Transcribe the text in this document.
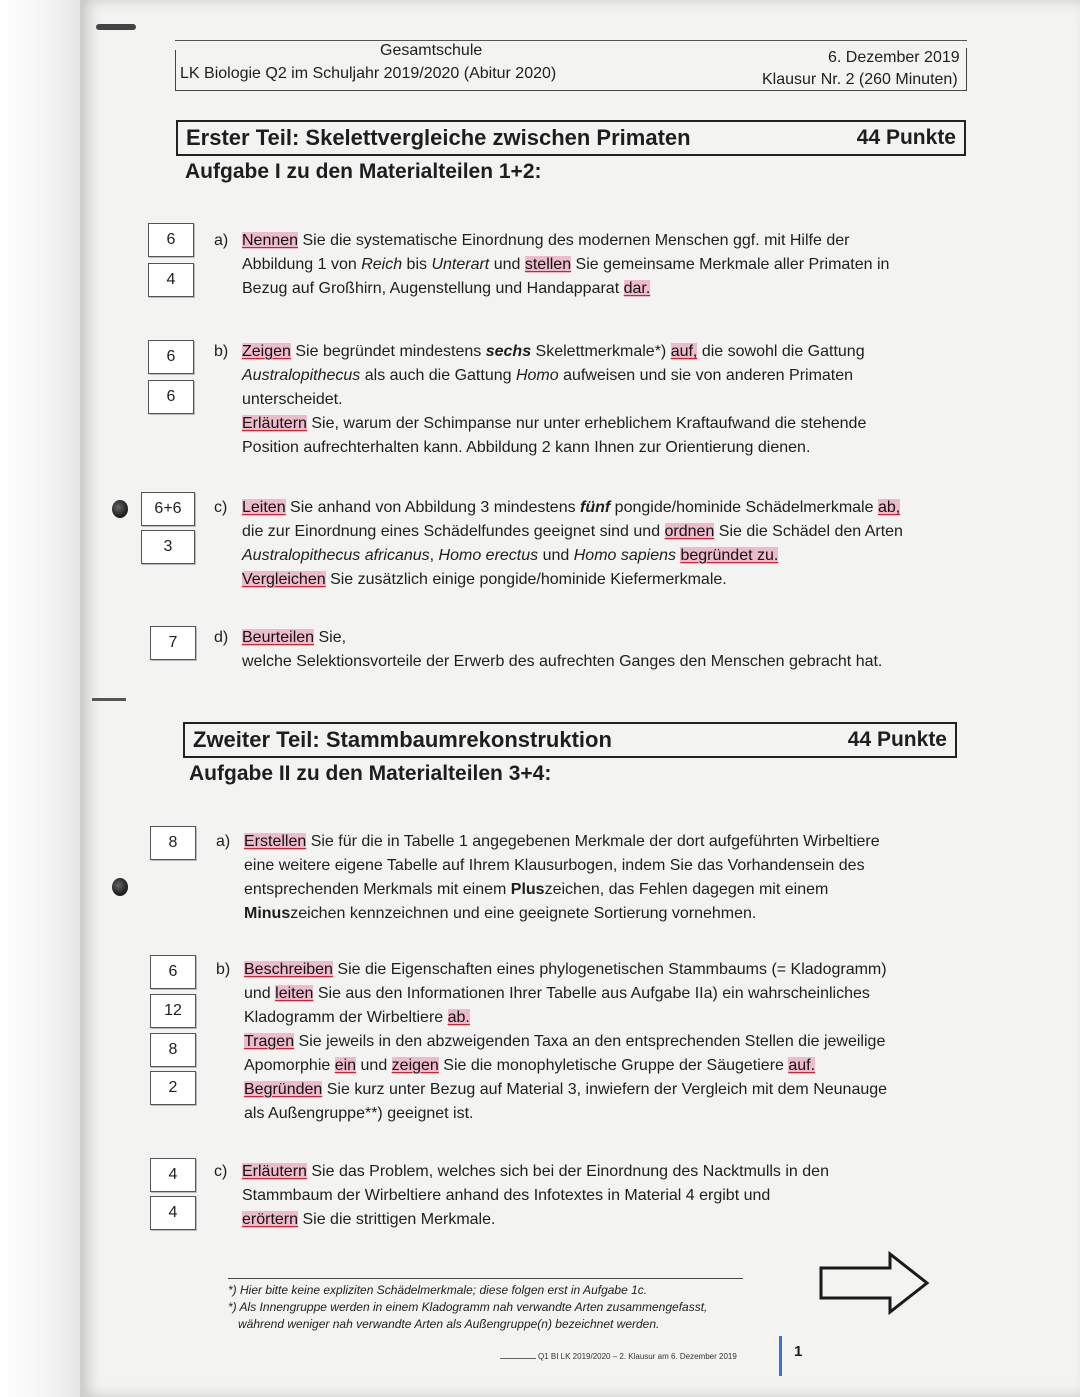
Gesamtschule
LK Biologie Q2 im Schuljahr 2019/2020 (Abitur 2020)
6. Dezember 2019
Klausur Nr. 2 (260 Minuten)
Erster Teil: Skelettvergleiche zwischen Primaten	44 Punkte
Aufgabe I zu den Materialteilen 1+2:
6
4
a) Nennen Sie die systematische Einordnung des modernen Menschen ggf. mit Hilfe der
Abbildung 1 von Reich bis Unterart und stellen Sie gemeinsame Merkmale aller Primaten in
Bezug auf Großhirn, Augenstellung und Handapparat dar.
6
6
b) Zeigen Sie begründet mindestens sechs Skelettmerkmale*) auf, die sowohl die Gattung
Australopithecus als auch die Gattung Homo aufweisen und sie von anderen Primaten
unterscheidet.
Erläutern Sie, warum der Schimpanse nur unter erheblichem Kraftaufwand die stehende
Position aufrechterhalten kann. Abbildung 2 kann Ihnen zur Orientierung dienen.
6+6
3
c) Leiten Sie anhand von Abbildung 3 mindestens fünf pongide/hominide Schädelmerkmale ab,
die zur Einordnung eines Schädelfundes geeignet sind und ordnen Sie die Schädel den Arten
Australopithecus africanus, Homo erectus und Homo sapiens begründet zu.
Vergleichen Sie zusätzlich einige pongide/hominide Kiefermerkmale.
7	d) Beurteilen Sie,
welche Selektionsvorteile der Erwerb des aufrechten Ganges den Menschen gebracht hat.
Zweiter Teil: Stammbaumrekonstruktion	44 Punkte
Aufgabe II zu den Materialteilen 3+4:
8	a) Erstellen Sie für die in Tabelle 1 angegebenen Merkmale der dort aufgeführten Wirbeltiere
eine weitere eigene Tabelle auf Ihrem Klausurbogen, indem Sie das Vorhandensein des
entsprechenden Merkmals mit einem Pluszeichen, das Fehlen dagegen mit einem
Minuszeichen kennzeichnen und eine geeignete Sortierung vornehmen.
6
12
8
2
b) Beschreiben Sie die Eigenschaften eines phylogenetischen Stammbaums (= Kladogramm)
und leiten Sie aus den Informationen Ihrer Tabelle aus Aufgabe IIa) ein wahrscheinliches
Kladogramm der Wirbeltiere ab.
Tragen Sie jeweils in den abzweigenden Taxa an den entsprechenden Stellen die jeweilige
Apomorphie ein und zeigen Sie die monophyletische Gruppe der Säugetiere auf.
Begründen Sie kurz unter Bezug auf Material 3, inwiefern der Vergleich mit dem Neunauge
als Außengruppe**) geeignet ist.
4
4
c) Erläutern Sie das Problem, welches sich bei der Einordnung des Nacktmulls in den
Stammbaum der Wirbeltiere anhand des Infotextes in Material 4 ergibt und
erörtern Sie die strittigen Merkmale.
*) Hier bitte keine expliziten Schädelmerkmale; diese folgen erst in Aufgabe 1c.
*) Als Innengruppe werden in einem Kladogramm nah verwandte Arten zusammengefasst,
während weniger nah verwandte Arten als Außengruppe(n) bezeichnet werden.
Q1 BI LK 2019/2020 – 2. Klausur am 6. Dezember 2019	1
